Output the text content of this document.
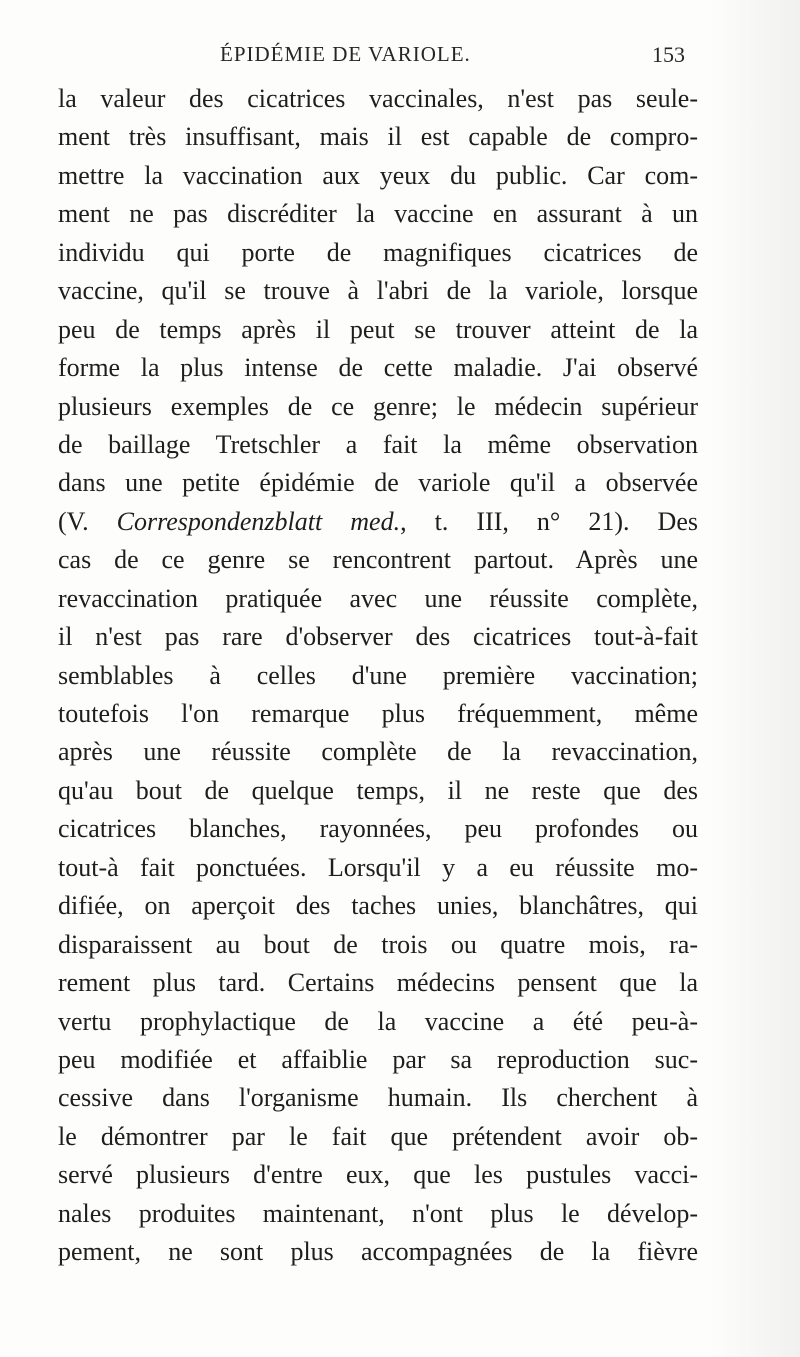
ÉPIDÉMIE DE VARIOLE.	153
la valeur des cicatrices vaccinales, n'est pas seule-
ment très insuffisant, mais il est capable de compro-
mettre la vaccination aux yeux du public. Car com-
ment ne pas discréditer la vaccine en assurant à un
individu qui porte de magnifiques cicatrices de
vaccine, qu'il se trouve à l'abri de la variole, lorsque
peu de temps après il peut se trouver atteint de la
forme la plus intense de cette maladie. J'ai observé
plusieurs exemples de ce genre; le médecin supérieur
de baillage Tretschler a fait la même observation
dans une petite épidémie de variole qu'il a observée
(V. Correspondenzblatt med., t. III, n° 21). Des
cas de ce genre se rencontrent partout. Après une
revaccination pratiquée avec une réussite complète,
il n'est pas rare d'observer des cicatrices tout-à-fait
semblables à celles d'une première vaccination;
toutefois l'on remarque plus fréquemment, même
après une réussite complète de la revaccination,
qu'au bout de quelque temps, il ne reste que des
cicatrices blanches, rayonnées, peu profondes ou
tout-à fait ponctuées. Lorsqu'il y a eu réussite mo-
difiée, on aperçoit des taches unies, blanchâtres, qui
disparaissent au bout de trois ou quatre mois, ra-
rement plus tard. Certains médecins pensent que la
vertu prophylactique de la vaccine a été peu-à-
peu modifiée et affaiblie par sa reproduction suc-
cessive dans l'organisme humain. Ils cherchent à
le démontrer par le fait que prétendent avoir ob-
servé plusieurs d'entre eux, que les pustules vacci-
nales produites maintenant, n'ont plus le dévelop-
pement, ne sont plus accompagnées de la fièvre
